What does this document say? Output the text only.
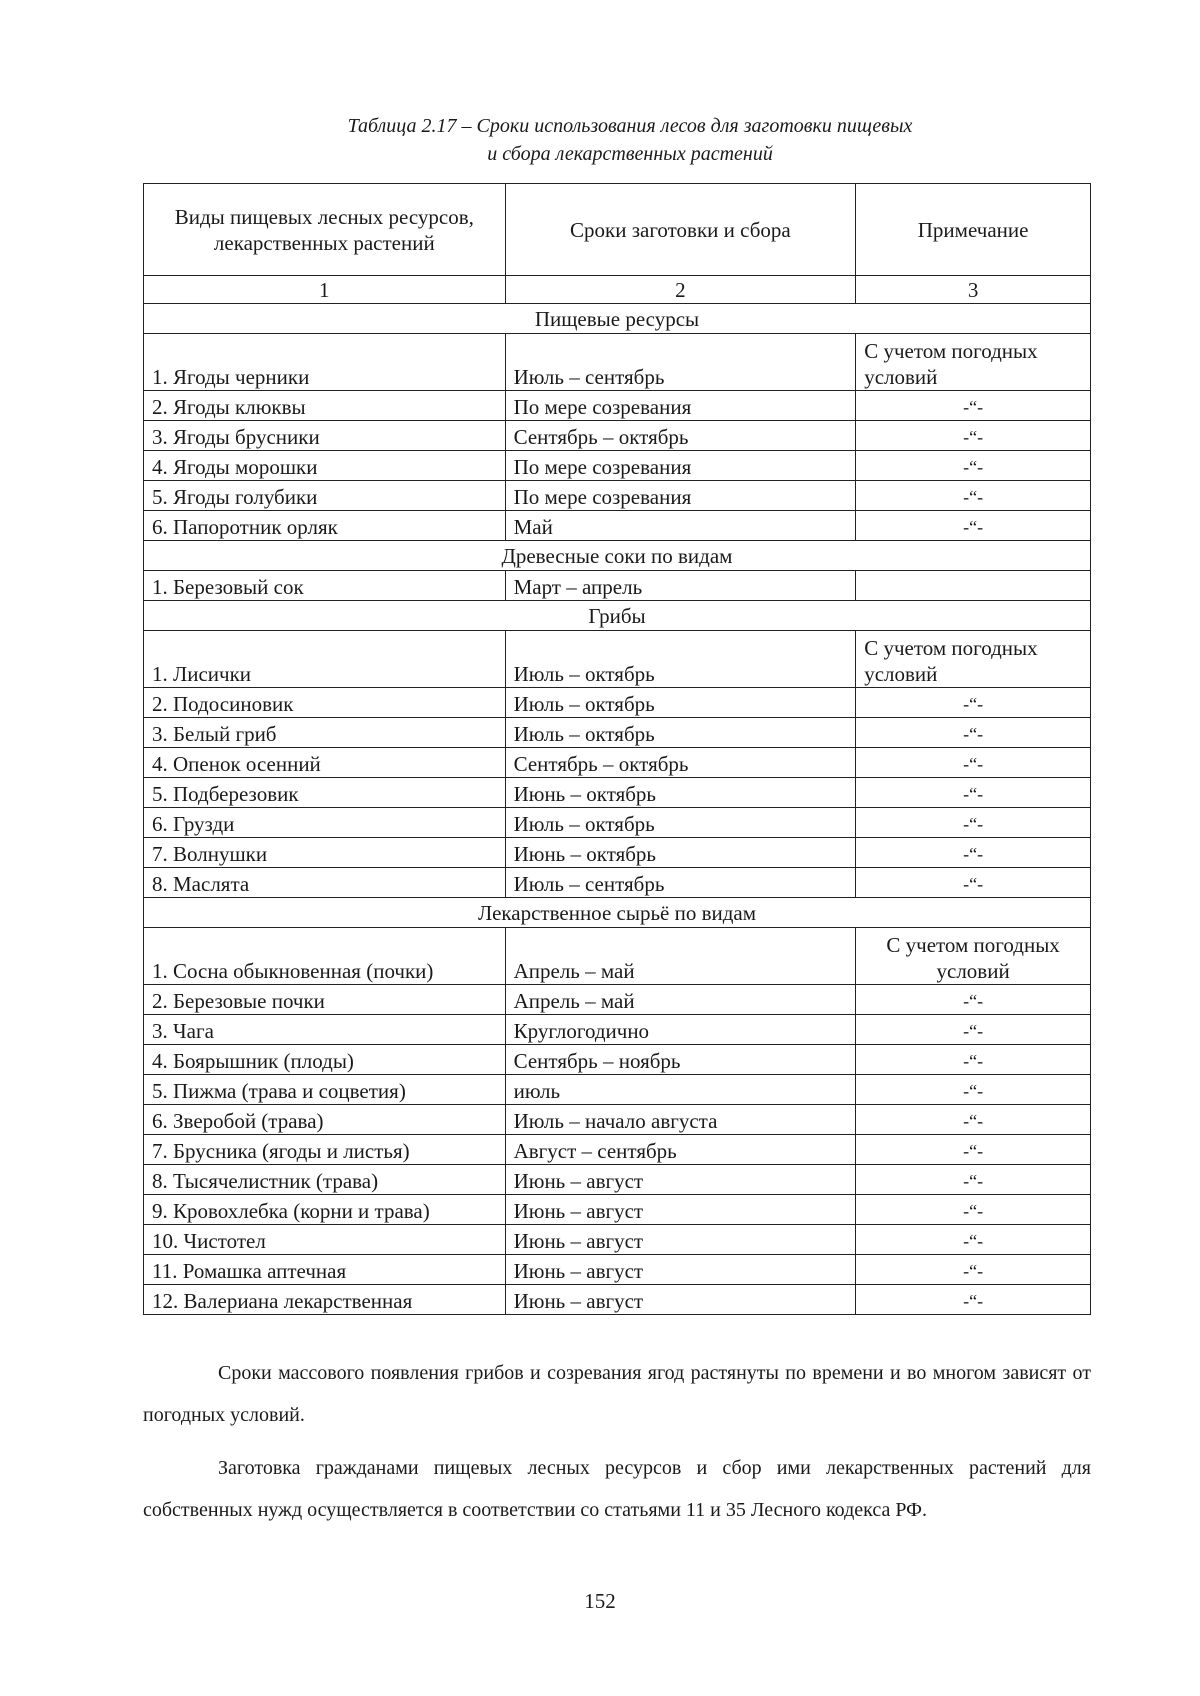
Таблица 2.17 – Сроки использования лесов для заготовки пищевых
и сбора лекарственных растений
Виды пищевых лесных ресурсов, лекарственных растений	Сроки заготовки и сбора	Примечание
1	2	3
Пищевые ресурсы		
1. Ягоды черники	Июль – сентябрь	С учетом погодных условий
2. Ягоды клюквы	По мере созревания	-“-
3. Ягоды брусники	Сентябрь – октябрь	-“-
4. Ягоды морошки	По мере созревания	-“-
5. Ягоды голубики	По мере созревания	-“-
6. Папоротник орляк	Май	-“-
Древесные соки по видам		
1. Березовый сок	Март – апрель	
Грибы		
1. Лисички	Июль – октябрь	С учетом погодных условий
2. Подосиновик	Июль – октябрь	-“-
3. Белый гриб	Июль – октябрь	-“-
4. Опенок осенний	Сентябрь – октябрь	-“-
5. Подберезовик	Июнь – октябрь	-“-
6. Грузди	Июль – октябрь	-“-
7. Волнушки	Июнь – октябрь	-“-
8. Маслята	Июль – сентябрь	-“-
Лекарственное сырьё по видам		
1. Сосна обыкновенная (почки)	Апрель – май	С учетом погодных условий
2. Березовые почки	Апрель – май	-“-
3. Чага	Круглогодично	-“-
4. Боярышник (плоды)	Сентябрь – ноябрь	-“-
5. Пижма (трава и соцветия)	июль	-“-
6. Зверобой (трава)	Июль – начало августа	-“-
7. Брусника (ягоды и листья)	Август – сентябрь	-“-
8. Тысячелистник (трава)	Июнь – август	-“-
9. Кровохлебка (корни и трава)	Июнь – август	-“-
10. Чистотел	Июнь – август	-“-
11. Ромашка аптечная	Июнь – август	-“-
12. Валериана лекарственная	Июнь – август	-“-
Сроки массового появления грибов и созревания ягод растянуты по времени и во многом зависят от погодных условий.
Заготовка гражданами пищевых лесных ресурсов и сбор ими лекарственных растений для собственных нужд осуществляется в соответствии со статьями 11 и 35 Лесного кодекса РФ.
152
